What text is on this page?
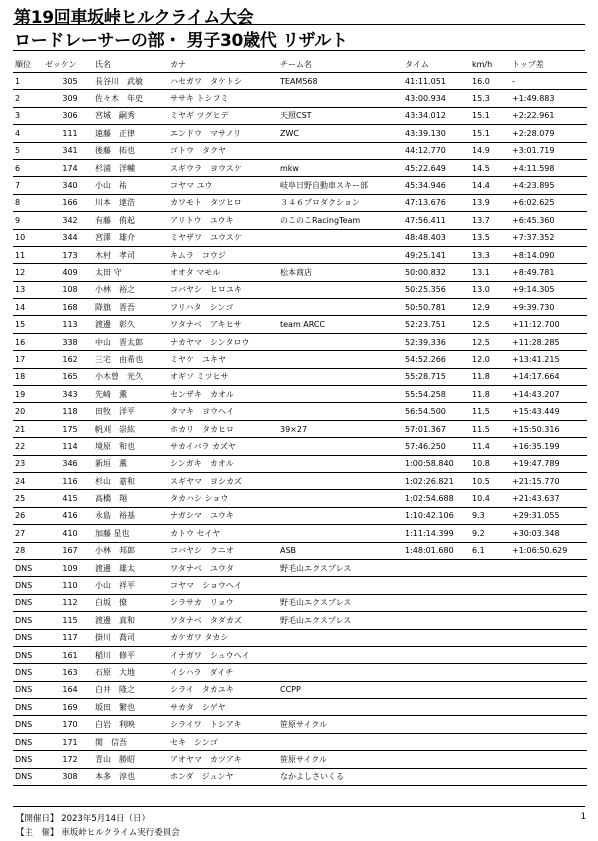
第19回車坂峠ヒルクライム大会
ロードレーサーの部・ 男子30歳代 リザルト
順位	ゼッケン	氏名	カナ	チーム名	タイム	km/h	トップ差
1	305	長谷川　武敏	ハセガワ　タケトシ	TEAM568	41:11.051	16.0	-
2	309	佐々木　年史	ササキ トシフミ		43:00.934	15.3	+1:49.883
3	306	宮城　嗣秀	ミヤギ ツグヒデ	天照CST	43:34.012	15.1	+2:22.961
4	111	遠藤　正律	エンドウ　マサノリ	ZWC	43:39.130	15.1	+2:28.079
5	341	後藤　拓也	ゴトウ　タクヤ		44:12.770	14.9	+3:01.719
6	174	杉浦　洋輔	スギウラ　ヨウスケ	mkw	45:22.649	14.5	+4:11.598
7	340	小山　祐	コヤマ ユウ	岐阜日野自動車スキー部	45:34.946	14.4	+4:23.895
8	166	川本　達浩	カワモト　タツヒロ	３４６プロダクション	47:13.676	13.9	+6:02.625
9	342	有藤　侑起	アリトウ　ユウキ	のこのこRacingTeam	47:56.411	13.7	+6:45.360
10	344	宮澤　雄介	ミヤザワ　ユウスケ		48:48.403	13.5	+7:37.352
11	173	木村　孝司	キムラ　コウジ		49:25.141	13.3	+8:14.090
12	409	太田 守	オオタ マモル	松本商店	50:00.832	13.1	+8:49.781
13	108	小林　裕之	コバヤシ　ヒロユキ		50:25.356	13.0	+9:14.305
14	168	降旗　晋吾	フリハタ　シンゴ		50:50.781	12.9	+9:39.730
15	113	渡邊　彰久	ワタナベ　アキヒサ	team ARCC	52:23.751	12.5	+11:12.700
16	338	中山　晋太郎	ナカヤマ　シンタロウ		52:39.336	12.5	+11:28.285
17	162	三宅　由希也	ミヤケ　ユキヤ		54:52.266	12.0	+13:41.215
18	165	小木曽　光久	オギソ ミツヒサ		55:28.715	11.8	+14:17.664
19	343	先崎　薫	センザキ　カオル		55:54.258	11.8	+14:43.207
20	118	田牧　洋平	タマキ　ヨウヘイ		56:54.500	11.5	+15:43.449
21	175	帆刈　崇紘	ホカリ　タカヒロ	39×27	57:01.367	11.5	+15:50.316
22	114	境原　和也	サカイバラ カズヤ		57:46.250	11.4	+16:35.199
23	346	新垣　薫	シンガキ　カオル		1:00:58.840	10.8	+19:47.789
24	116	杉山　嘉和	スギヤマ　ヨシカズ		1:02:26.821	10.5	+21:15.770
25	415	高橋　翔	タカハシ ショウ		1:02:54.688	10.4	+21:43.637
26	416	永島　裕基	ナガシマ　ユウキ		1:10:42.106	9.3	+29:31.055
27	410	加藤 星也	カトウ セイヤ		1:11:14.399	9.2	+30:03.348
28	167	小林　邦郎	コバヤシ　クニオ	ASB	1:48:01.680	6.1	+1:06:50.629
DNS	109	渡邊　雄太	ワタナベ　ユウタ	野毛山エクスプレス			
DNS	110	小山　祥平	コヤマ　ショウヘイ				
DNS	112	白坂　僚	シラサカ　リョウ	野毛山エクスプレス			
DNS	115	渡邊　真和	ワタナベ　タダカズ	野毛山エクスプレス			
DNS	117	掛川　喬司	カケガワ タカシ				
DNS	161	稲川　修平	イナガワ　シュウヘイ				
DNS	163	石原　大地	イシハラ　ダイチ				
DNS	164	白井　隆之	シライ　タカユキ	CCPP			
DNS	169	坂田　繁也	サカタ　シゲヤ				
DNS	170	白岩　利映	シライワ　トシアキ	笹原サイクル			
DNS	171	関　信吾	セキ　シンゴ				
DNS	172	青山　勝昭	アオヤマ　カツアキ	笹原サイクル			
DNS	308	本多　淳也	ホンダ　ジュンヤ	なかよしさいくる			
【開催日】 2023年5月14日（日）
【主　催】 車坂峠ヒルクライム実行委員会
1
